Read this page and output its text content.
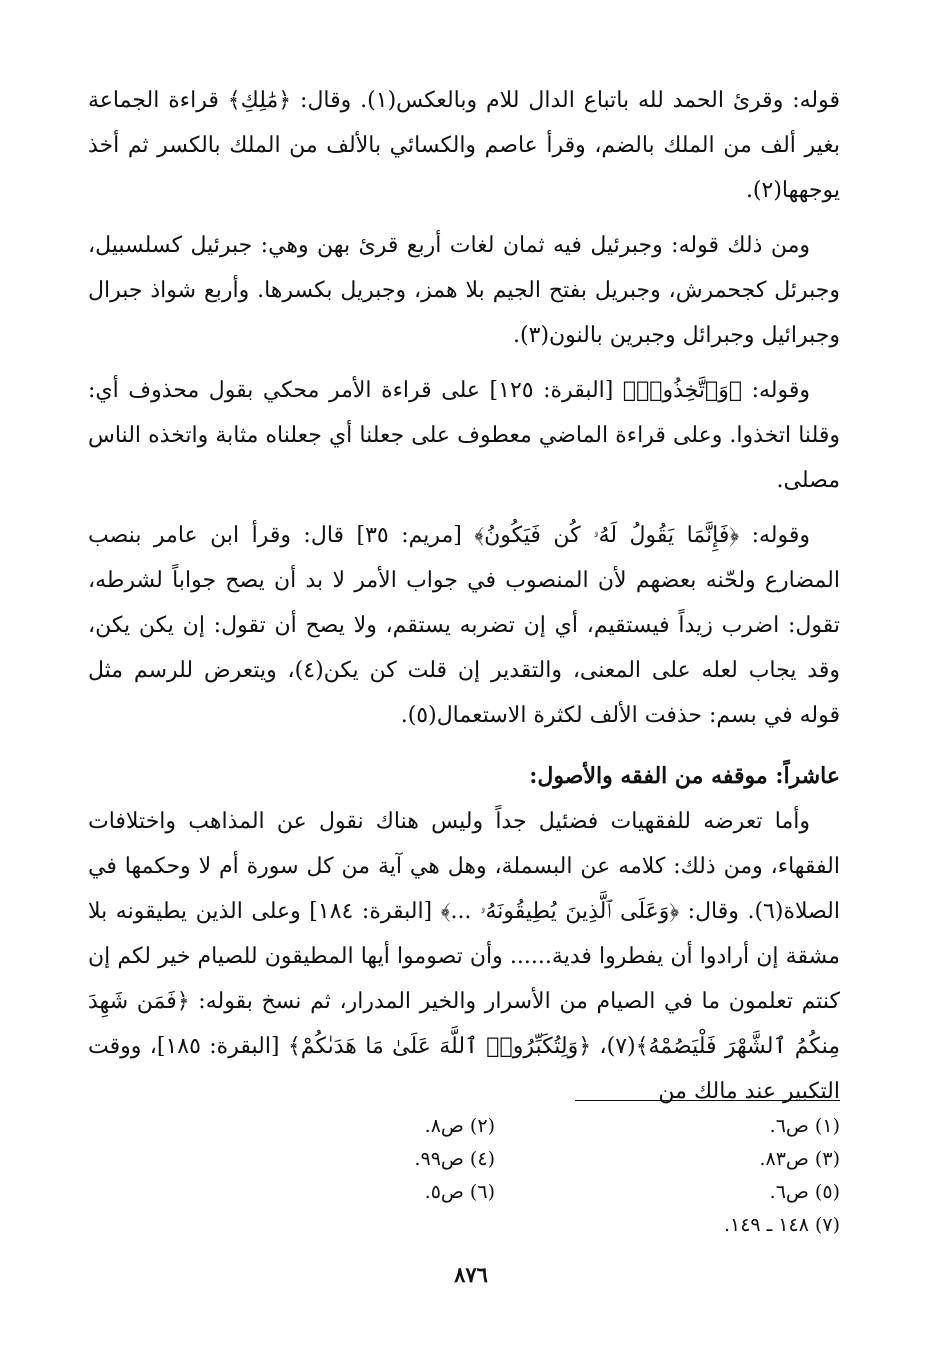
قوله: وقرئ الحمد لله باتباع الدال للام وبالعكس(١). وقال: ﴿مَٰلِكِ﴾ قراءة الجماعة بغير ألف من الملك بالضم، وقرأ عاصم والكسائي بالألف من الملك بالكسر ثم أخذ يوجهها(٢).

ومن ذلك قوله: وجبرئيل فيه ثمان لغات أربع قرئ بهن وهي: جبرئيل كسلسبيل، وجبرئل كجحمرش، وجبريل بفتح الجيم بلا همز، وجبريل بكسرها. وأربع شواذ جبرال وجبرائيل وجبرائل وجبرين بالنون(٣).

وقوله: ﴿وَٱتَّخِذُوا۟﴾ [البقرة: ١٢٥] على قراءة الأمر محكي بقول محذوف أي: وقلنا اتخذوا. وعلى قراءة الماضي معطوف على جعلنا أي جعلناه مثابة واتخذه الناس مصلى.

وقوله: ﴿فَإِنَّمَا يَقُولُ لَهُۥ كُن فَيَكُونُ﴾ [مريم: ٣٥] قال: وقرأ ابن عامر بنصب المضارع ولحّنه بعضهم لأن المنصوب في جواب الأمر لا بد أن يصح جواباً لشرطه، تقول: اضرب زيداً فيستقيم، أي إن تضربه يستقم، ولا يصح أن تقول: إن يكن يكن، وقد يجاب لعله على المعنى، والتقدير إن قلت كن يكن(٤)، ويتعرض للرسم مثل قوله في بسم: حذفت الألف لكثرة الاستعمال(٥).

عاشراً: موقفه من الفقه والأصول:

وأما تعرضه للفقهيات فضئيل جداً وليس هناك نقول عن المذاهب واختلافات الفقهاء، ومن ذلك: كلامه عن البسملة، وهل هي آية من كل سورة أم لا وحكمها في الصلاة(٦). وقال: ﴿وَعَلَى ٱلَّذِينَ يُطِيقُونَهُۥ ...﴾ [البقرة: ١٨٤] وعلى الذين يطيقونه بلا مشقة إن أرادوا أن يفطروا فدية...... وأن تصوموا أيها المطيقون للصيام خير لكم إن كنتم تعلمون ما في الصيام من الأسرار والخير المدرار، ثم نسخ بقوله: ﴿فَمَن شَهِدَ مِنكُمُ ٱلشَّهْرَ فَلْيَصُمْهُ﴾(٧)، ﴿وَلِتُكَبِّرُوا۟ ٱللَّهَ عَلَىٰ مَا هَدَىٰكُمْ﴾ [البقرة: ١٨٥]، ووقت التكبير عند مالك من

(١) ص٦.
(٢) ص٨.
(٣) ص٨٣.
(٤) ص٩٩.
(٥) ص٦.
(٦) ص٥.
(٧) ١٤٨ ـ ١٤٩.
٨٧٦
